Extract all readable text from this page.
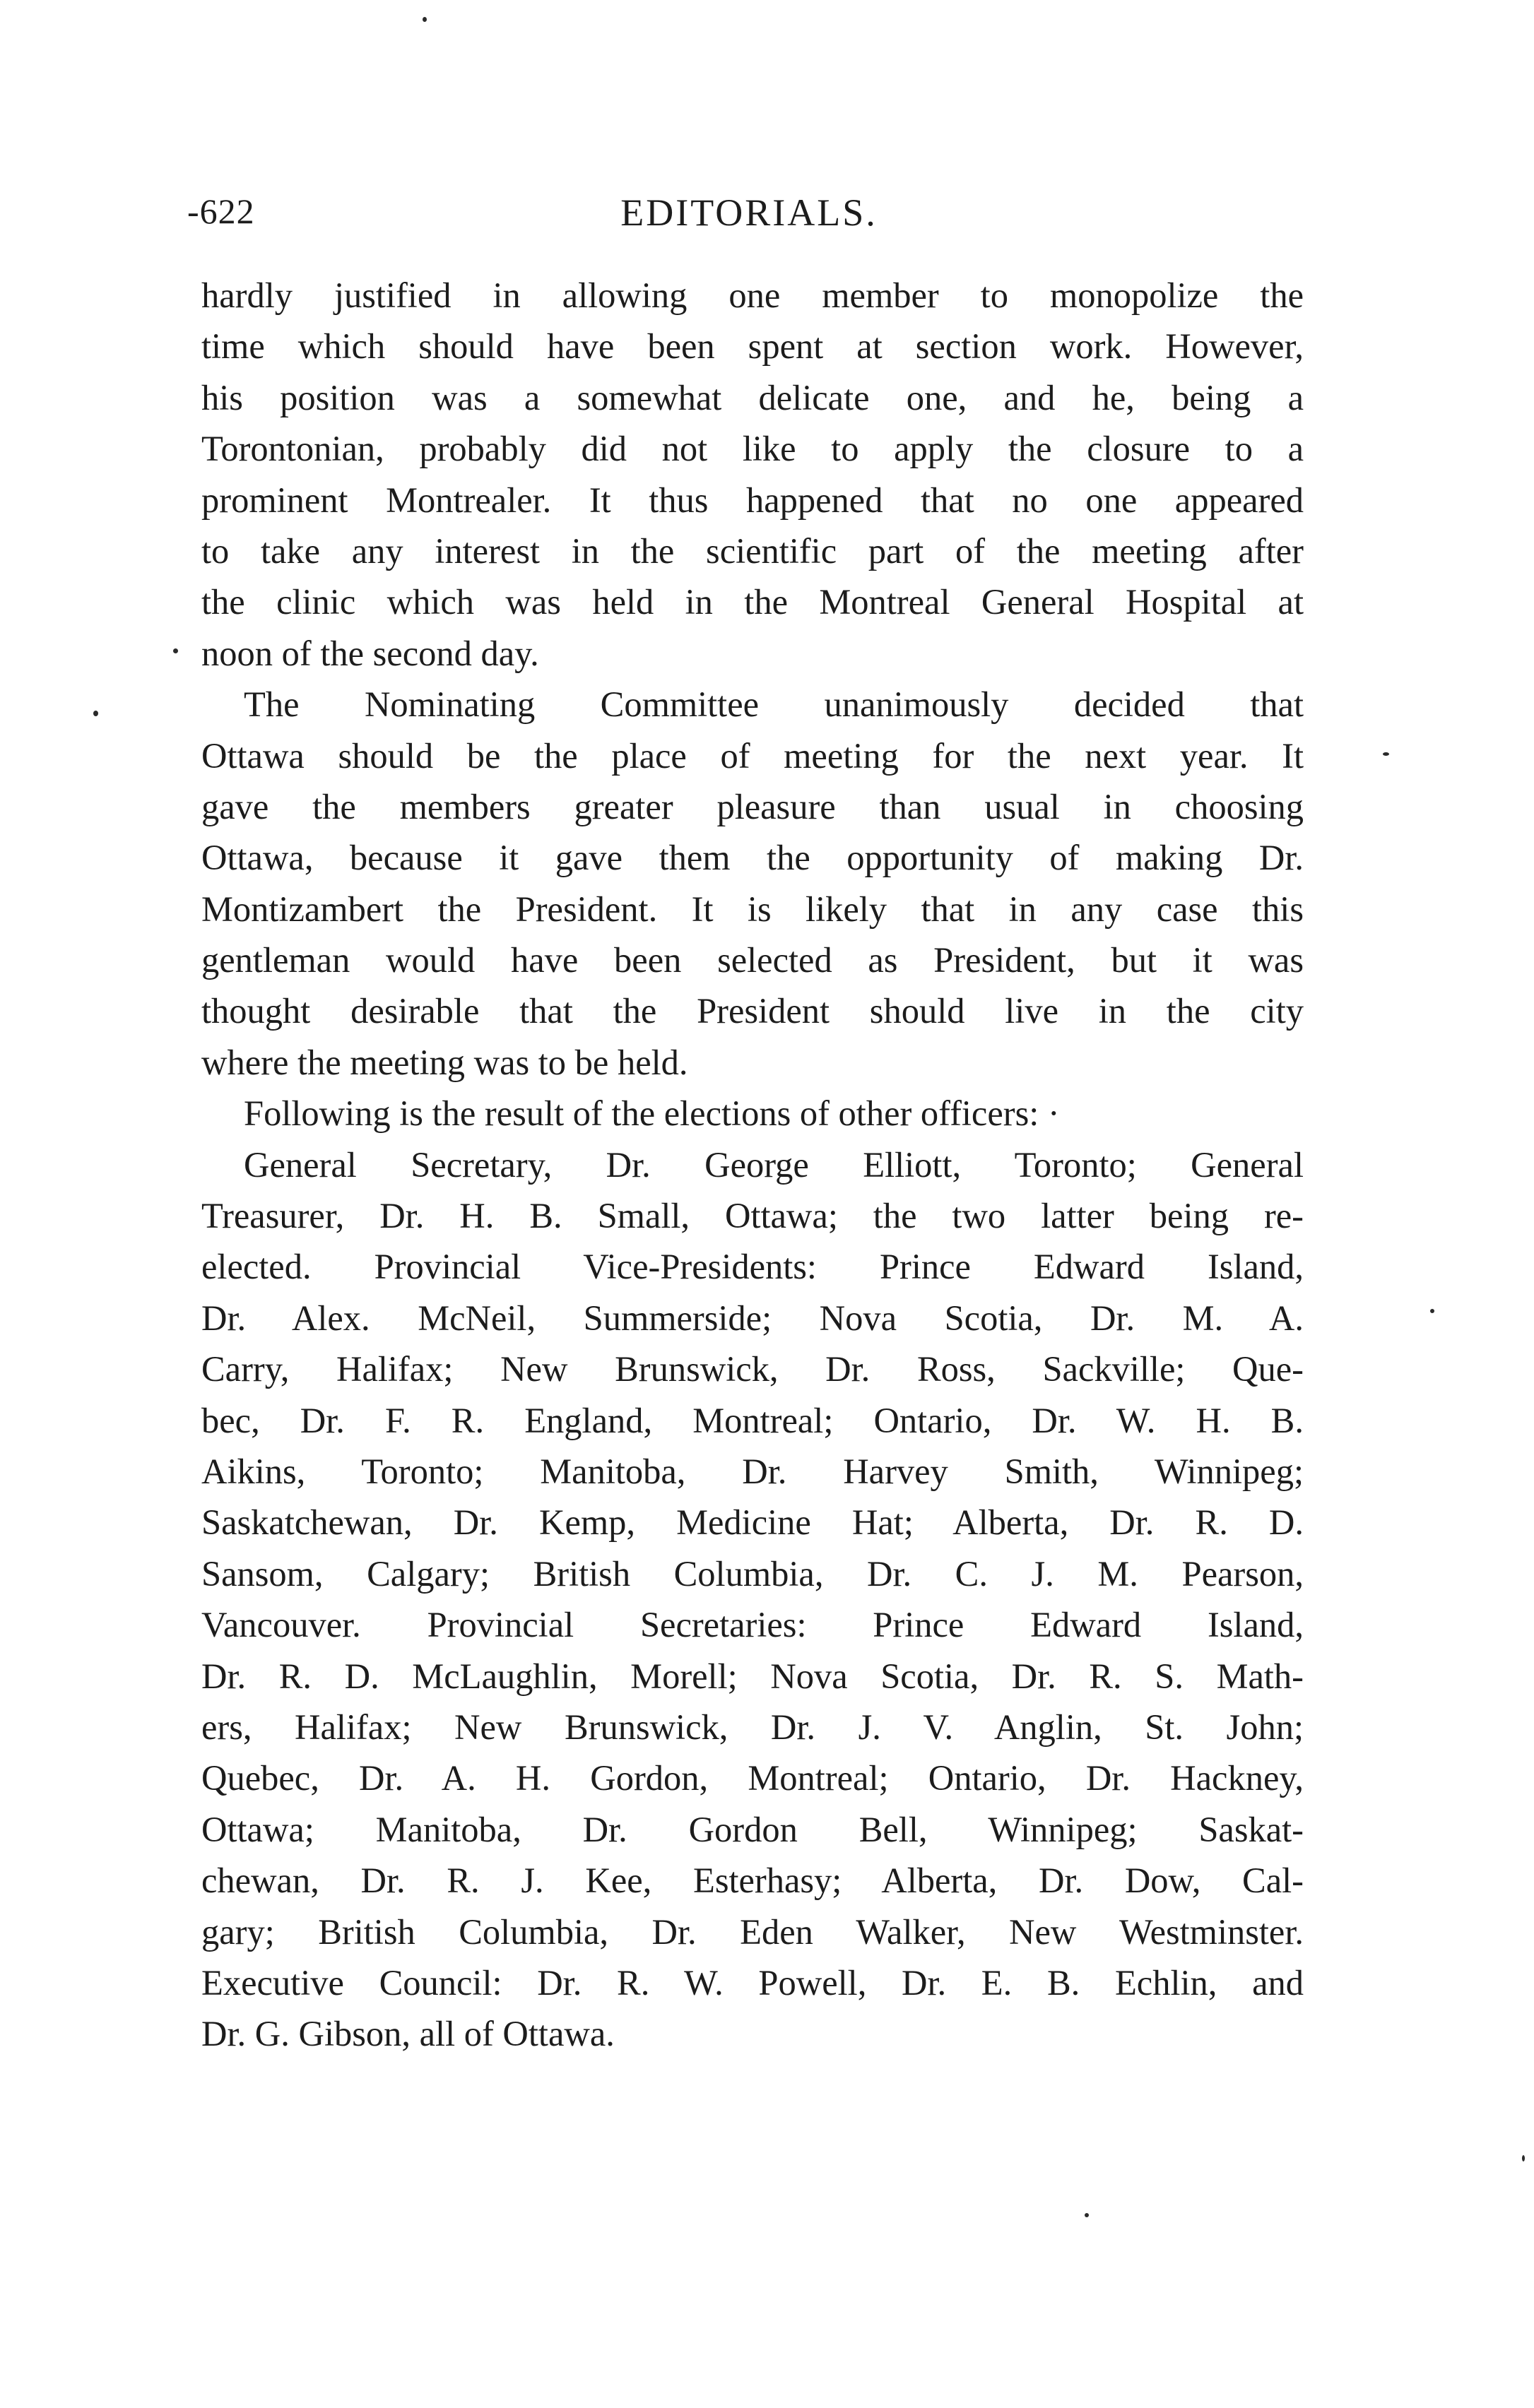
-622	EDITORIALS.
hardly justified in allowing one member to monopolize the
time which should have been spent at section work. However,
his position was a somewhat delicate one, and he, being a
Torontonian, probably did not like to apply the closure to a
prominent Montrealer. It thus happened that no one appeared
to take any interest in the scientific part of the meeting after
the clinic which was held in the Montreal General Hospital at
noon of the second day.
The Nominating Committee unanimously decided that
Ottawa should be the place of meeting for the next year. It
gave the members greater pleasure than usual in choosing
Ottawa, because it gave them the opportunity of making Dr.
Montizambert the President. It is likely that in any case this
gentleman would have been selected as President, but it was
thought desirable that the President should live in the city
where the meeting was to be held.
Following is the result of the elections of other officers: ·
General Secretary, Dr. George Elliott, Toronto; General
Treasurer, Dr. H. B. Small, Ottawa; the two latter being re-
elected. Provincial Vice-Presidents: Prince Edward Island,
Dr. Alex. McNeil, Summerside; Nova Scotia, Dr. M. A.
Carry, Halifax; New Brunswick, Dr. Ross, Sackville; Que-
bec, Dr. F. R. England, Montreal; Ontario, Dr. W. H. B.
Aikins, Toronto; Manitoba, Dr. Harvey Smith, Winnipeg;
Saskatchewan, Dr. Kemp, Medicine Hat; Alberta, Dr. R. D.
Sansom, Calgary; British Columbia, Dr. C. J. M. Pearson,
Vancouver. Provincial Secretaries: Prince Edward Island,
Dr. R. D. McLaughlin, Morell; Nova Scotia, Dr. R. S. Math-
ers, Halifax; New Brunswick, Dr. J. V. Anglin, St. John;
Quebec, Dr. A. H. Gordon, Montreal; Ontario, Dr. Hackney,
Ottawa; Manitoba, Dr. Gordon Bell, Winnipeg; Saskat-
chewan, Dr. R. J. Kee, Esterhasy; Alberta, Dr. Dow, Cal-
gary; British Columbia, Dr. Eden Walker, New Westminster.
Executive Council: Dr. R. W. Powell, Dr. E. B. Echlin, and
Dr. G. Gibson, all of Ottawa.
